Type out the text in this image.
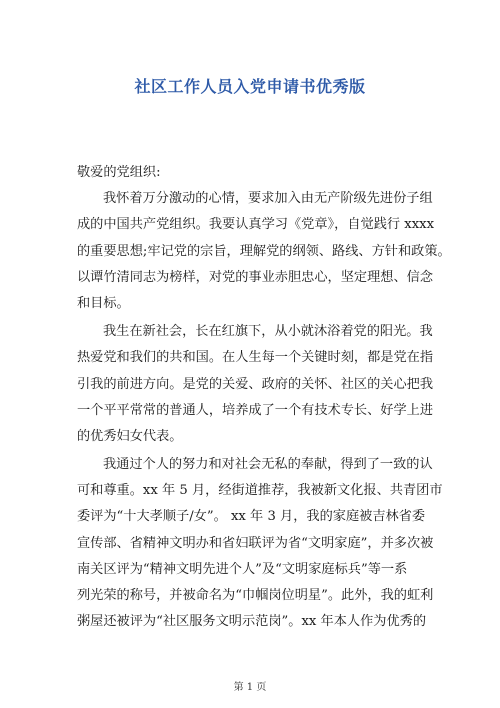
社区工作人员入党申请书优秀版
敬爱的党组织:
我怀着万分激动的心情，要求加入由无产阶级先进份子组
成的中国共产党组织。我要认真学习《党章》，自觉践行 xxxx
的重要思想;牢记党的宗旨，理解党的纲领、路线、方针和政策。
以谭竹清同志为榜样，对党的事业赤胆忠心，坚定理想、信念
和目标。
我生在新社会，长在红旗下，从小就沐浴着党的阳光。我
热爱党和我们的共和国。在人生每一个关键时刻，都是党在指
引我的前进方向。是党的关爱、政府的关怀、社区的关心把我
一个平平常常的普通人，培养成了一个有技术专长、好学上进
的优秀妇女代表。
我通过个人的努力和对社会无私的奉献，得到了一致的认
可和尊重。xx 年 5 月，经街道推荐，我被新文化报、共青团市
委评为“十大孝顺子/女”。 xx 年 3 月，我的家庭被吉林省委
宣传部、省精神文明办和省妇联评为省“文明家庭”，并多次被
南关区评为“精神文明先进个人”及“文明家庭标兵”等一系
列光荣的称号，并被命名为“巾帼岗位明星”。此外，我的虹利
粥屋还被评为“社区服务文明示范岗”。xx 年本人作为优秀的
第 1 页
